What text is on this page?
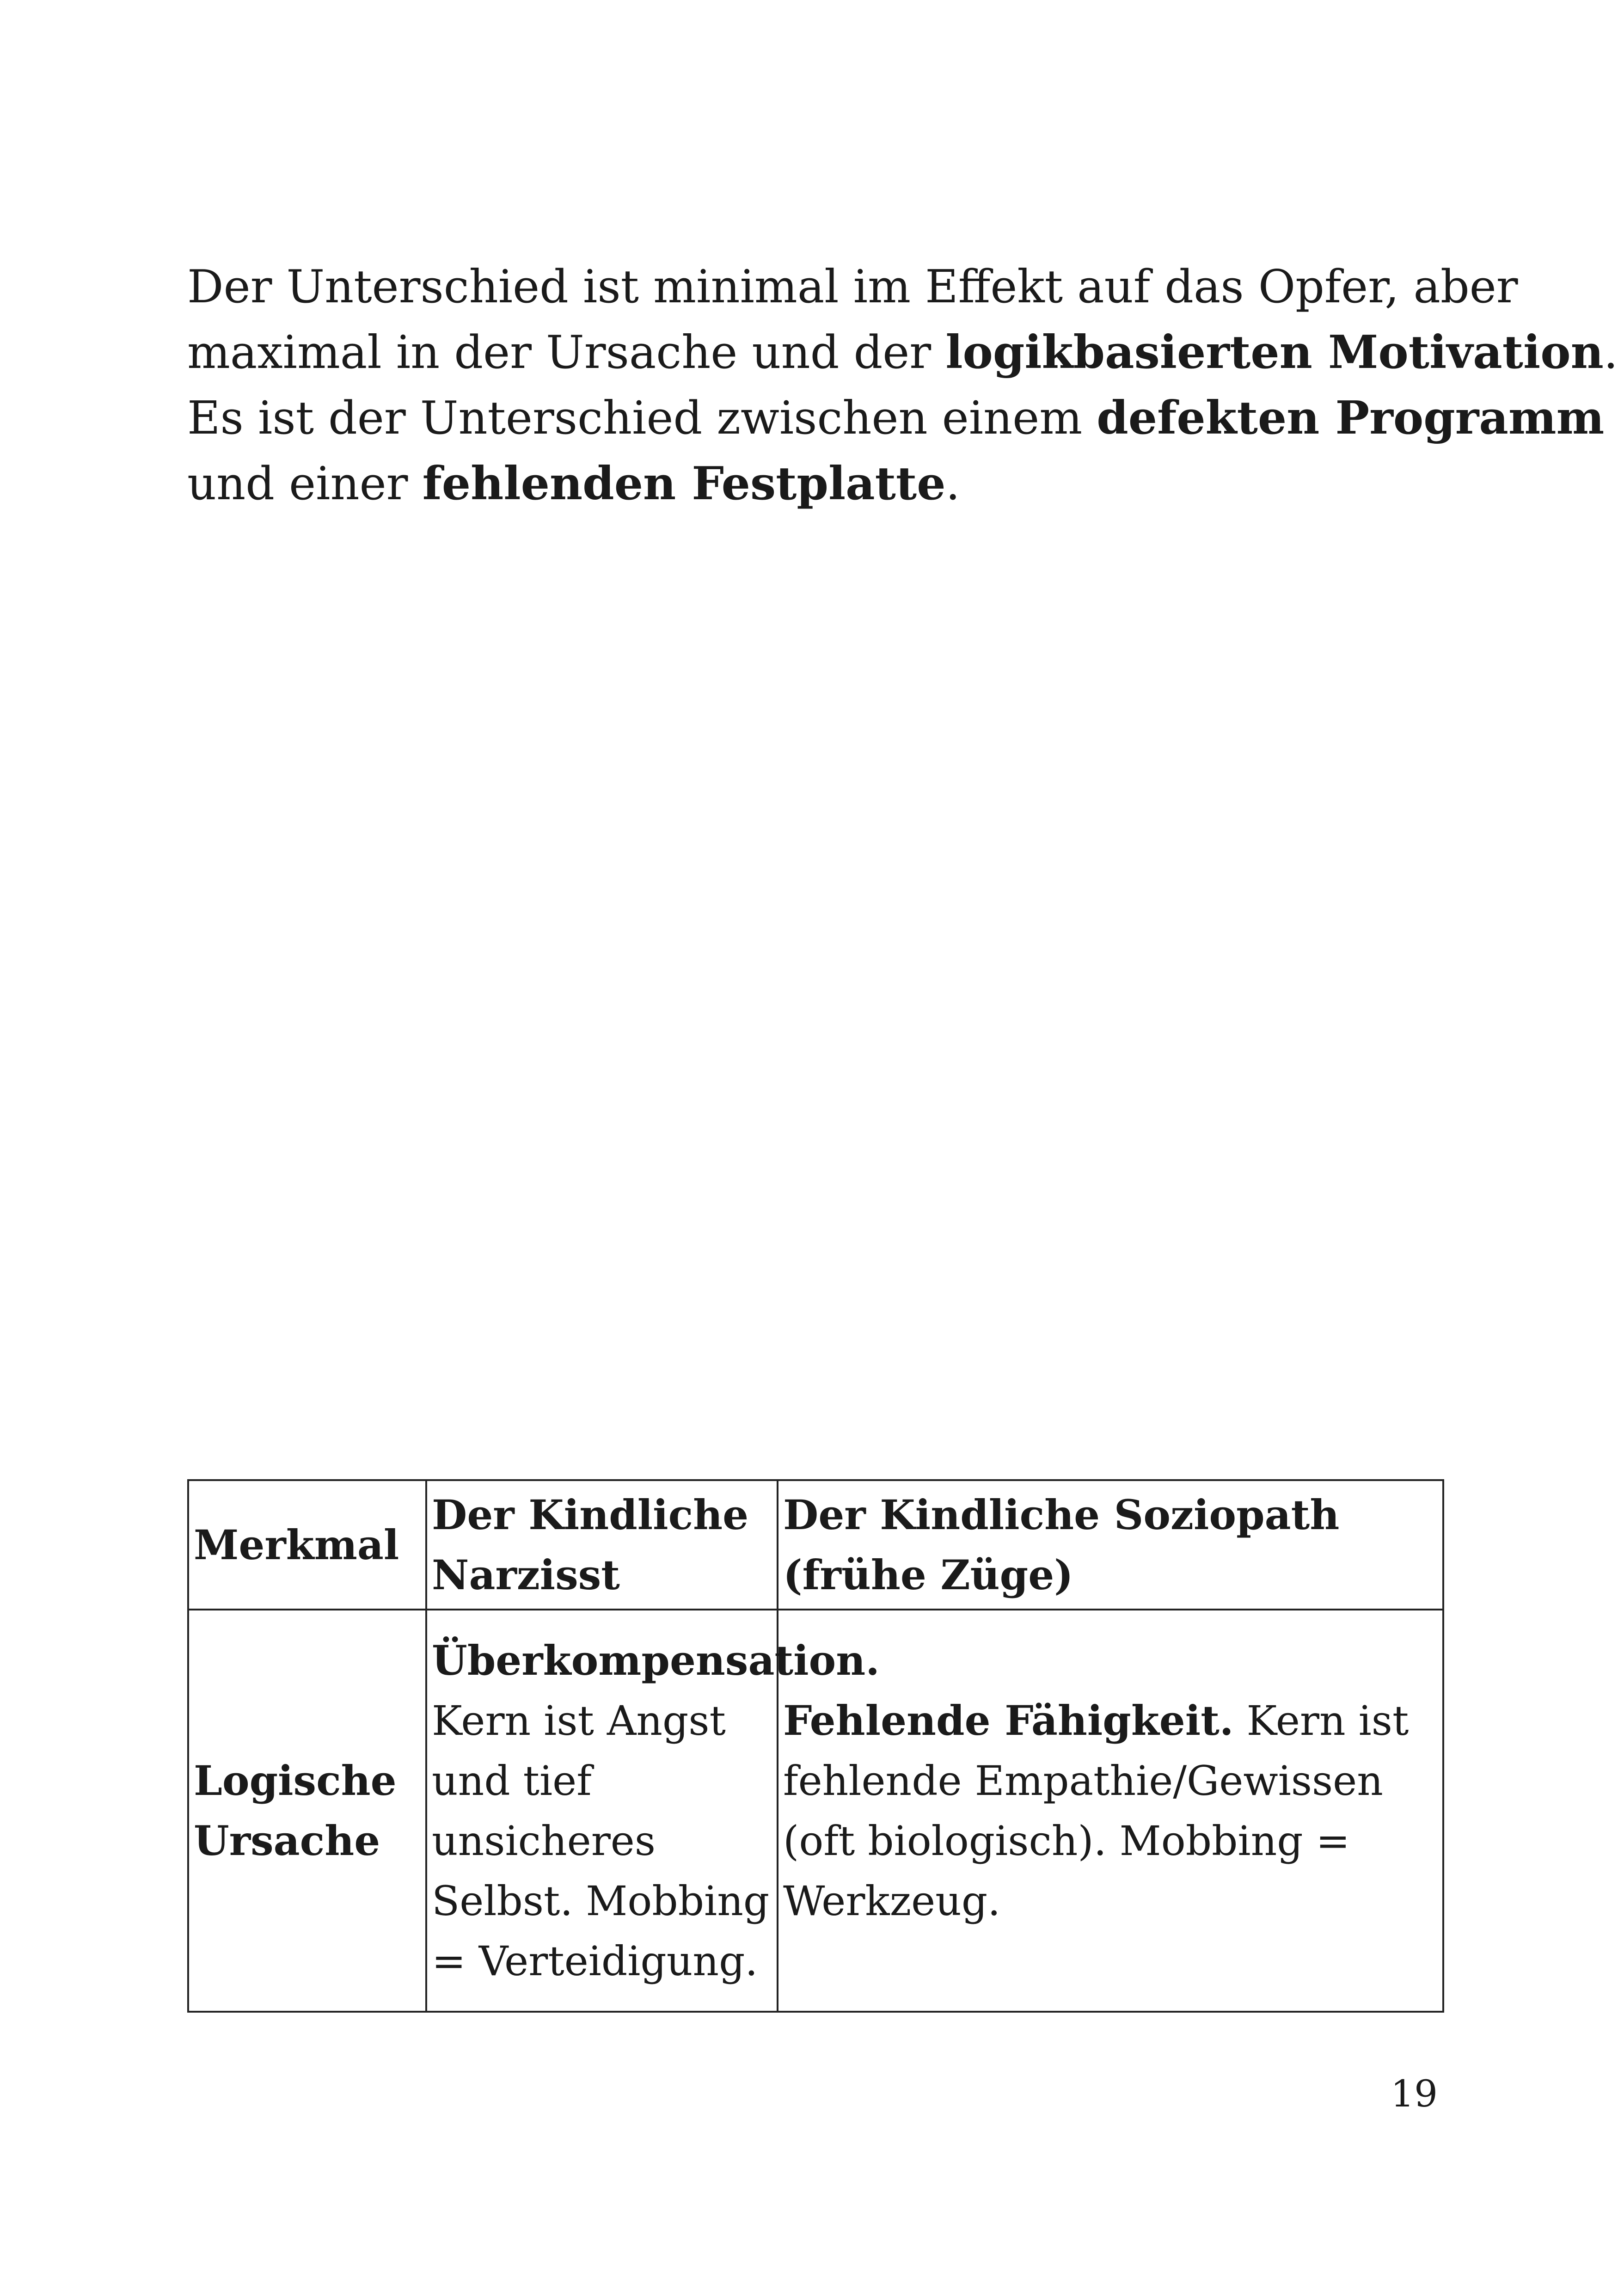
Der Unterschied ist minimal im Effekt auf das Opfer, aber
maximal in der Ursache und der logikbasierten Motivation.
Es ist der Unterschied zwischen einem defekten Programm
und einer fehlenden Festplatte.

Merkmal	Der Kindliche Narzisst	Der Kindliche Soziopath (frühe Züge)
Logische Ursache	Überkompensation. Kern ist Angst und tief unsicheres Selbst. Mobbing = Verteidigung.	Fehlende Fähigkeit. Kern ist fehlende Empathie/Gewissen (oft biologisch). Mobbing = Werkzeug.
19
